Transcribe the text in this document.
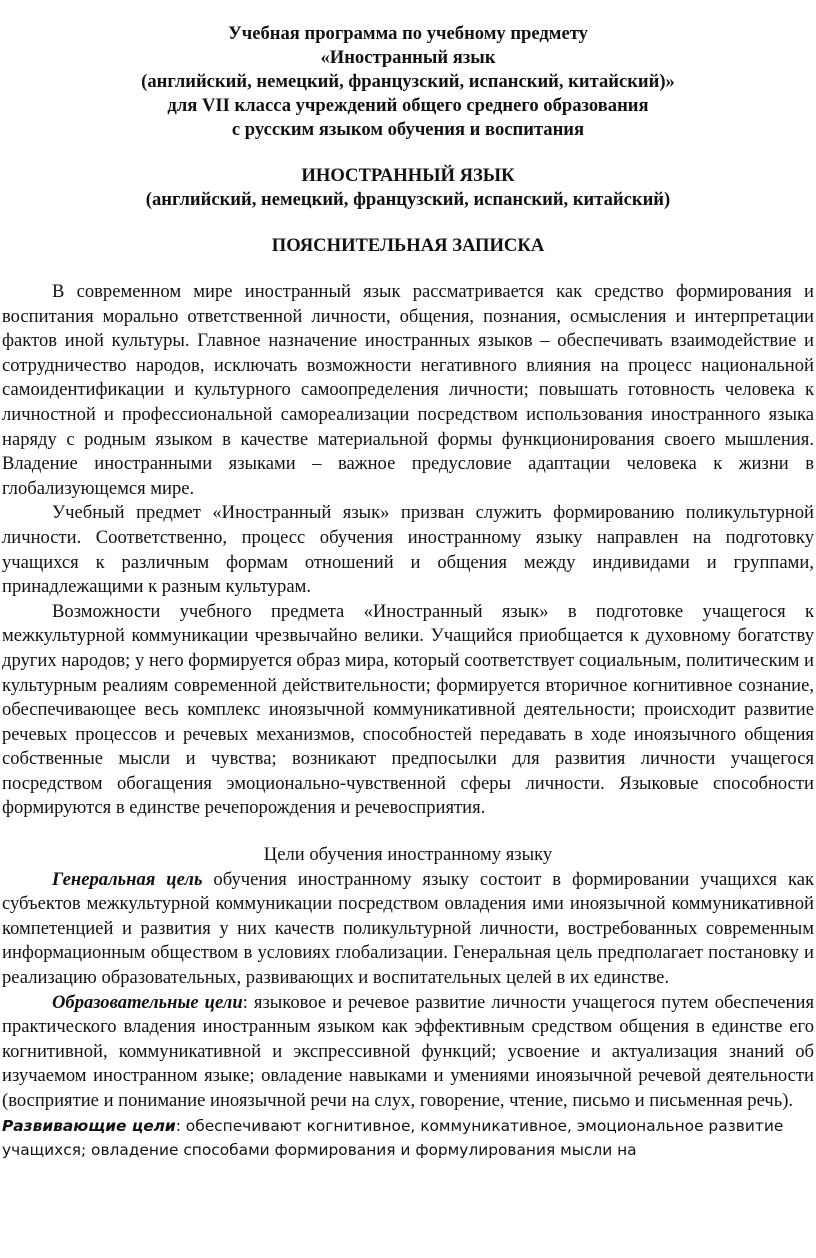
Учебная программа по учебному предмету
«Иностранный язык
(английский, немецкий, французский, испанский, китайский)»
для VII класса учреждений общего среднего образования
с русским языком обучения и воспитания
ИНОСТРАННЫЙ ЯЗЫК
(английский, немецкий, французский, испанский, китайский)
ПОЯСНИТЕЛЬНАЯ ЗАПИСКА

В современном мире иностранный язык рассматривается как средство формирования и воспитания морально ответственной личности, общения, познания, осмысления и интерпретации фактов иной культуры. Главное назначение иностранных языков – обеспечивать взаимодействие и сотрудничество народов, исключать возможности негативного влияния на процесс национальной самоидентификации и культурного самоопределения личности; повышать готовность человека к личностной и профессиональной самореализации посредством использования иностранного языка наряду с родным языком в качестве материальной формы функционирования своего мышления. Владение иностранными языками – важное предусловие адаптации человека к жизни в глобализующемся мире.

Учебный предмет «Иностранный язык» призван служить формированию поликультурной личности. Соответственно, процесс обучения иностранному языку направлен на подготовку учащихся к различным формам отношений и общения между индивидами и группами, принадлежащими к разным культурам.

Возможности учебного предмета «Иностранный язык» в подготовке учащегося к межкультурной коммуникации чрезвычайно велики. Учащийся приобщается к духовному богатству других народов; у него формируется образ мира, который соответствует социальным, политическим и культурным реалиям современной действительности; формируется вторичное когнитивное сознание, обеспечивающее весь комплекс иноязычной коммуникативной деятельности; происходит развитие речевых процессов и речевых механизмов, способностей передавать в ходе иноязычного общения собственные мысли и чувства; возникают предпосылки для развития личности учащегося посредством обогащения эмоционально-чувственной сферы личности. Языковые способности формируются в единстве речепорождения и речевосприятия.

Цели обучения иностранному языку

Генеральная цель обучения иностранному языку состоит в формировании учащихся как субъектов межкультурной коммуникации посредством овладения ими иноязычной коммуникативной компетенцией и развития у них качеств поликультурной личности, востребованных современным информационным обществом в условиях глобализации. Генеральная цель предполагает постановку и реализацию образовательных, развивающих и воспитательных целей в их единстве.

Образовательные цели: языковое и речевое развитие личности учащегося путем обеспечения практического владения иностранным языком как эффективным средством общения в единстве его когнитивной, коммуникативной и экспрессивной функций; усвоение и актуализация знаний об изучаемом иностранном языке; овладение навыками и умениями иноязычной речевой деятельности (восприятие и понимание иноязычной речи на слух, говорение, чтение, письмо и письменная речь).

Развивающие цели: обеспечивают когнитивное, коммуникативное, эмоциональное развитие учащихся; овладение способами формирования и формулирования мысли на
